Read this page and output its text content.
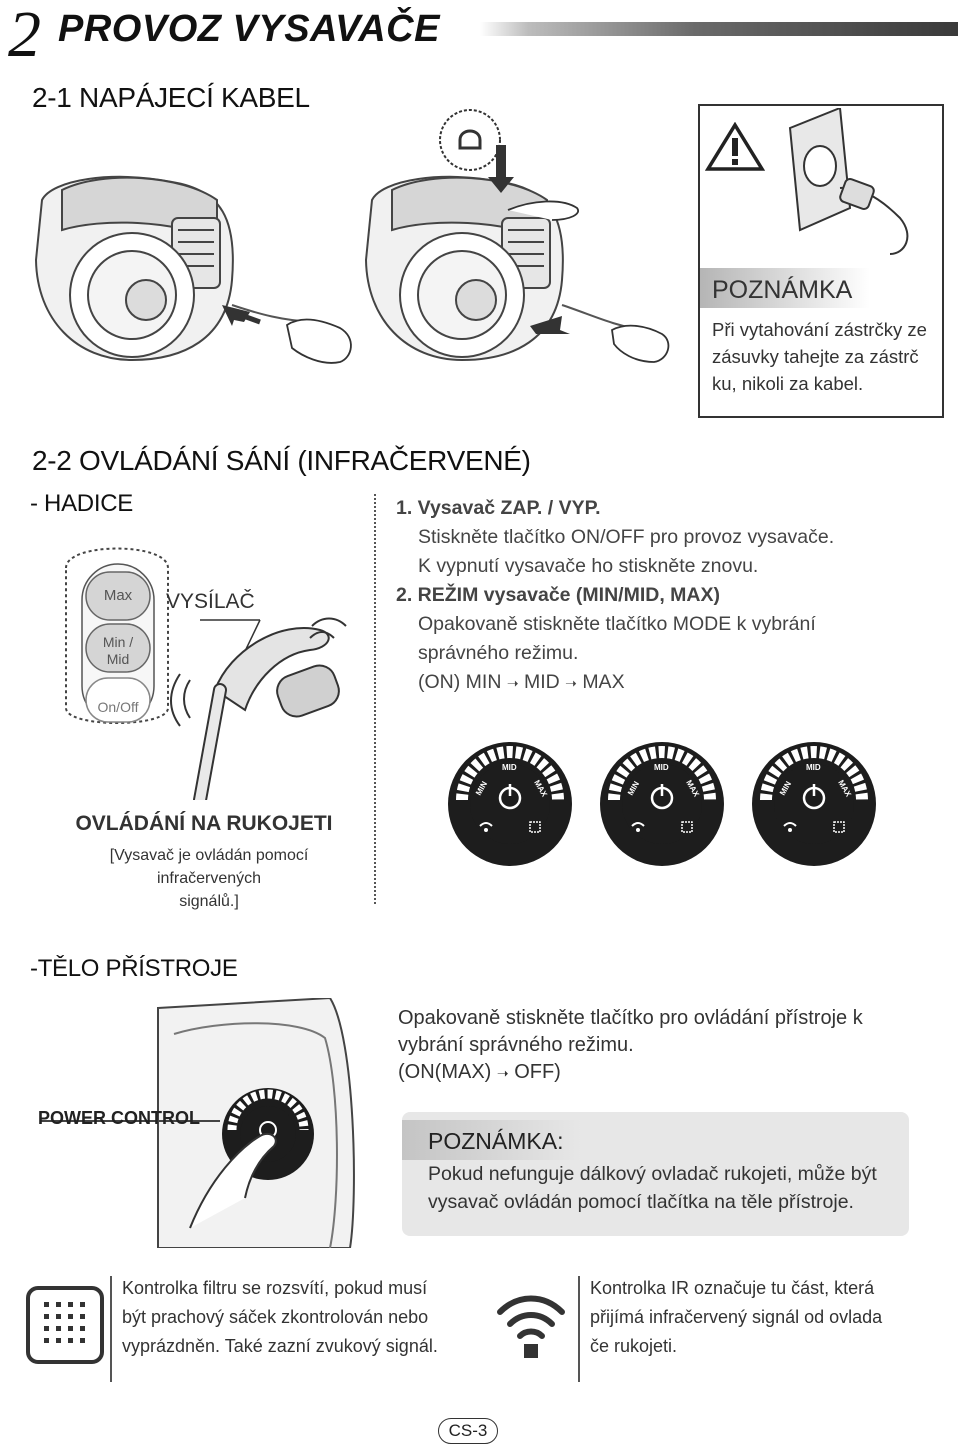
2 PROVOZ VYSAVAČE
2-1 NAPÁJECÍ KABEL
POZNÁMKA
Při vytahování zástrčky ze
zásuvky tahejte za zástrč
ku, nikoli za kabel.
2-2 OVLÁDÁNÍ SÁNÍ (INFRAČERVENÉ)
- HADICE
Max
Min /
Mid
On/Off
VYSÍLAČ
1. Vysavač ZAP. / VYP.
Stiskněte tlačítko ON/OFF pro provoz vysavače.
K vypnutí vysavače ho stiskněte znovu.
2. REŽIM vysavače (MIN/MID, MAX)
Opakovaně stiskněte tlačítko MODE k vybrání
správného režimu.
(ON) MIN ➝ MID ➝ MAX
MIN
MID
MAX	MIN
MID
MAX	MIN
MID
MAX
OVLÁDÁNÍ NA RUKOJETI
[Vysavač je ovládán pomocí infračervených
signálů.]
-TĚLO PŘÍSTROJE
POWER CONTROL
Opakovaně stiskněte tlačítko pro ovládání přístroje k
vybrání správného režimu.
(ON(MAX) ➝ OFF)
POZNÁMKA:
Pokud nefunguje dálkový ovladač rukojeti, může být
vysavač ovládán pomocí tlačítka na těle přístroje.
Kontrolka filtru se rozsvítí, pokud musí
být prachový sáček zkontrolován nebo
vyprázdněn. Také zazní zvukový signál.
Kontrolka IR označuje tu část, která
přijímá infračervený signál od ovlada
če rukojeti.
CS-3
